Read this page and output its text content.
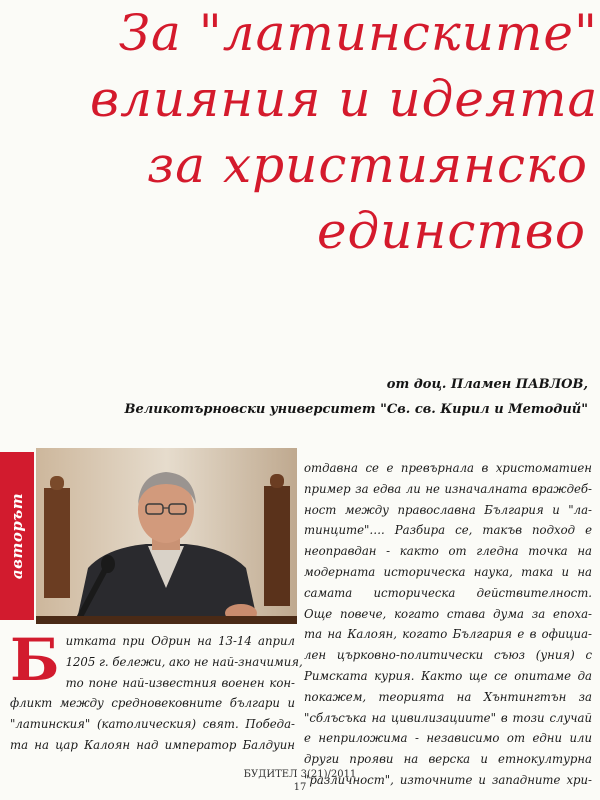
За "латинските"
влияния и идеята
за християнско
единство
от доц. Пламен ПАВЛОВ,
Великотърновски университет "Св. св. Кирил и Методий"
авторът
Б итката при Одрин на 13-14 април
1205 г. бележи, ако не най-значимия,
то поне най-известния военен кон-
фликт между средновековните българи и
"латинския" (католическия) свят. Побeда-
та на цар Калоян над император Балдуин
отдавна се е превърнала в христоматиен
пример за едва ли не изначалната враждеб-
ност между православна България и "ла-
тинците"…. Разбира се, такъв подход е
неоправдан - както от гледна точка на
модерната историческа наука, така и на
самата историческа действителност.
Още повече, когато става дума за епоха-
та на Калоян, когато България е в официа-
лен църковно-политически съюз (уния) с
Римската курия. Както ще се опитаме да
покажем, теорията на Хънтингтън за
"сблъсъка на цивилизациите" в този случай
е неприложима - независимо от едни или
други прояви на верска и етнокултурна
"различност", източните и западните хри-
БУДИТЕЛ 3(21)/2011
17
